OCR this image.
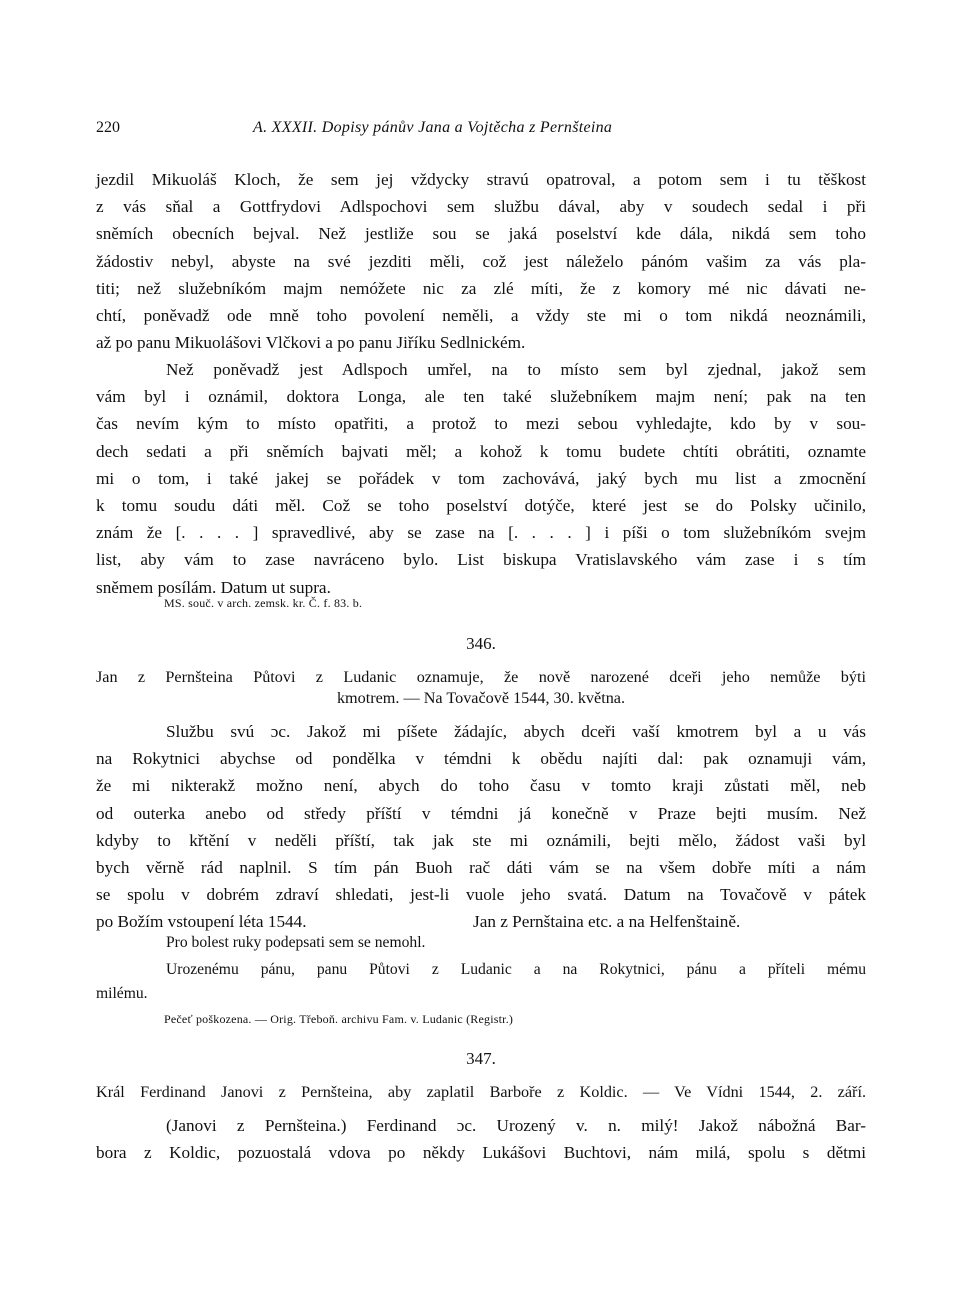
220	A. XXXII. Dopisy pánův Jana a Vojtěcha z Pernšteina
jezdil Mikuoláš Kloch, že sem jej vždycky stravú opatroval, a potom sem i tu těškost
z vás sňal a Gottfrydovi Adlspochovi sem službu dával, aby v soudech sedal i při
sněmích obecních bejval. Než jestliže sou se jaká poselství kde dála, nikdá sem toho
žádostiv nebyl, abyste na své jezditi měli, což jest náleželo pánóm vašim za vás pla-
titi; než služebníkóm majm nemóžete nic za zlé míti, že z komory mé nic dávati ne-
chtí, poněvadž ode mně toho povolení neměli, a vždy ste mi o tom nikdá neoznámili,
až po panu Mikuolášovi Vlčkovi a po panu Jiříku Sedlnickém.
Než poněvadž jest Adlspoch umřel, na to místo sem byl zjednal, jakož sem
vám byl i oznámil, doktora Longa, ale ten také služebníkem majm není; pak na ten
čas nevím kým to místo opatřiti, a protož to mezi sebou vyhledajte, kdo by v sou-
dech sedati a při sněmích bajvati měl; a kohož k tomu budete chtíti obrátiti, oznamte
mi o tom, i také jakej se pořádek v tom zachovává, jaký bych mu list a zmocnění
k tomu soudu dáti měl. Což se toho poselství dotýče, které jest se do Polsky učinilo,
znám že [. . . . ] spravedlivé, aby se zase na [. . . . ] i píši o tom služebníkóm svejm
list, aby vám to zase navráceno bylo. List biskupa Vratislavského vám zase i s tím
sněmem posílám. Datum ut supra.
MS. souč. v arch. zemsk. kr. Č. f. 83. b.
346.
Jan z Pernšteina Půtovi z Ludanic oznamuje, že nově narozené dceři jeho nemůže býti
kmotrem. — Na Tovačově 1544, 30. května.
Službu svú ɔc. Jakož mi píšete žádajíc, abych dceři vaší kmotrem byl a u vás
na Rokytnici abychse od pondělka v témdni k obědu najíti dal: pak oznamuji vám,
že mi nikterakž možno není, abych do toho času v tomto kraji zůstati měl, neb
od outerka anebo od středy příští v témdni já konečně v Praze bejti musím. Než
kdyby to křtění v neděli příští, tak jak ste mi oznámili, bejti mělo, žádost vaši byl
bych věrně rád naplnil. S tím pán Buoh rač dáti vám se na všem dobře míti a nám
se spolu v dobrém zdraví shledati, jest-li vuole jeho svatá. Datum na Tovačově v pátek
po Božím vstoupení léta 1544.	Jan z Pernštaina etc. a na Helfenštaině.
Pro bolest ruky podepsati sem se nemohl.
Urozenému pánu, panu Půtovi z Ludanic a na Rokytnici, pánu a příteli mému
milému.
Pečeť poškozena. — Orig. Třeboň. archivu Fam. v. Ludanic (Registr.)
347.
Král Ferdinand Janovi z Pernšteina, aby zaplatil Barboře z Koldic. — Ve Vídni 1544, 2. září.
(Janovi z Pernšteina.) Ferdinand ɔc. Urozený v. n. milý! Jakož nábožná Bar-
bora z Koldic, pozuostalá vdova po někdy Lukášovi Buchtovi, nám milá, spolu s dětmi
